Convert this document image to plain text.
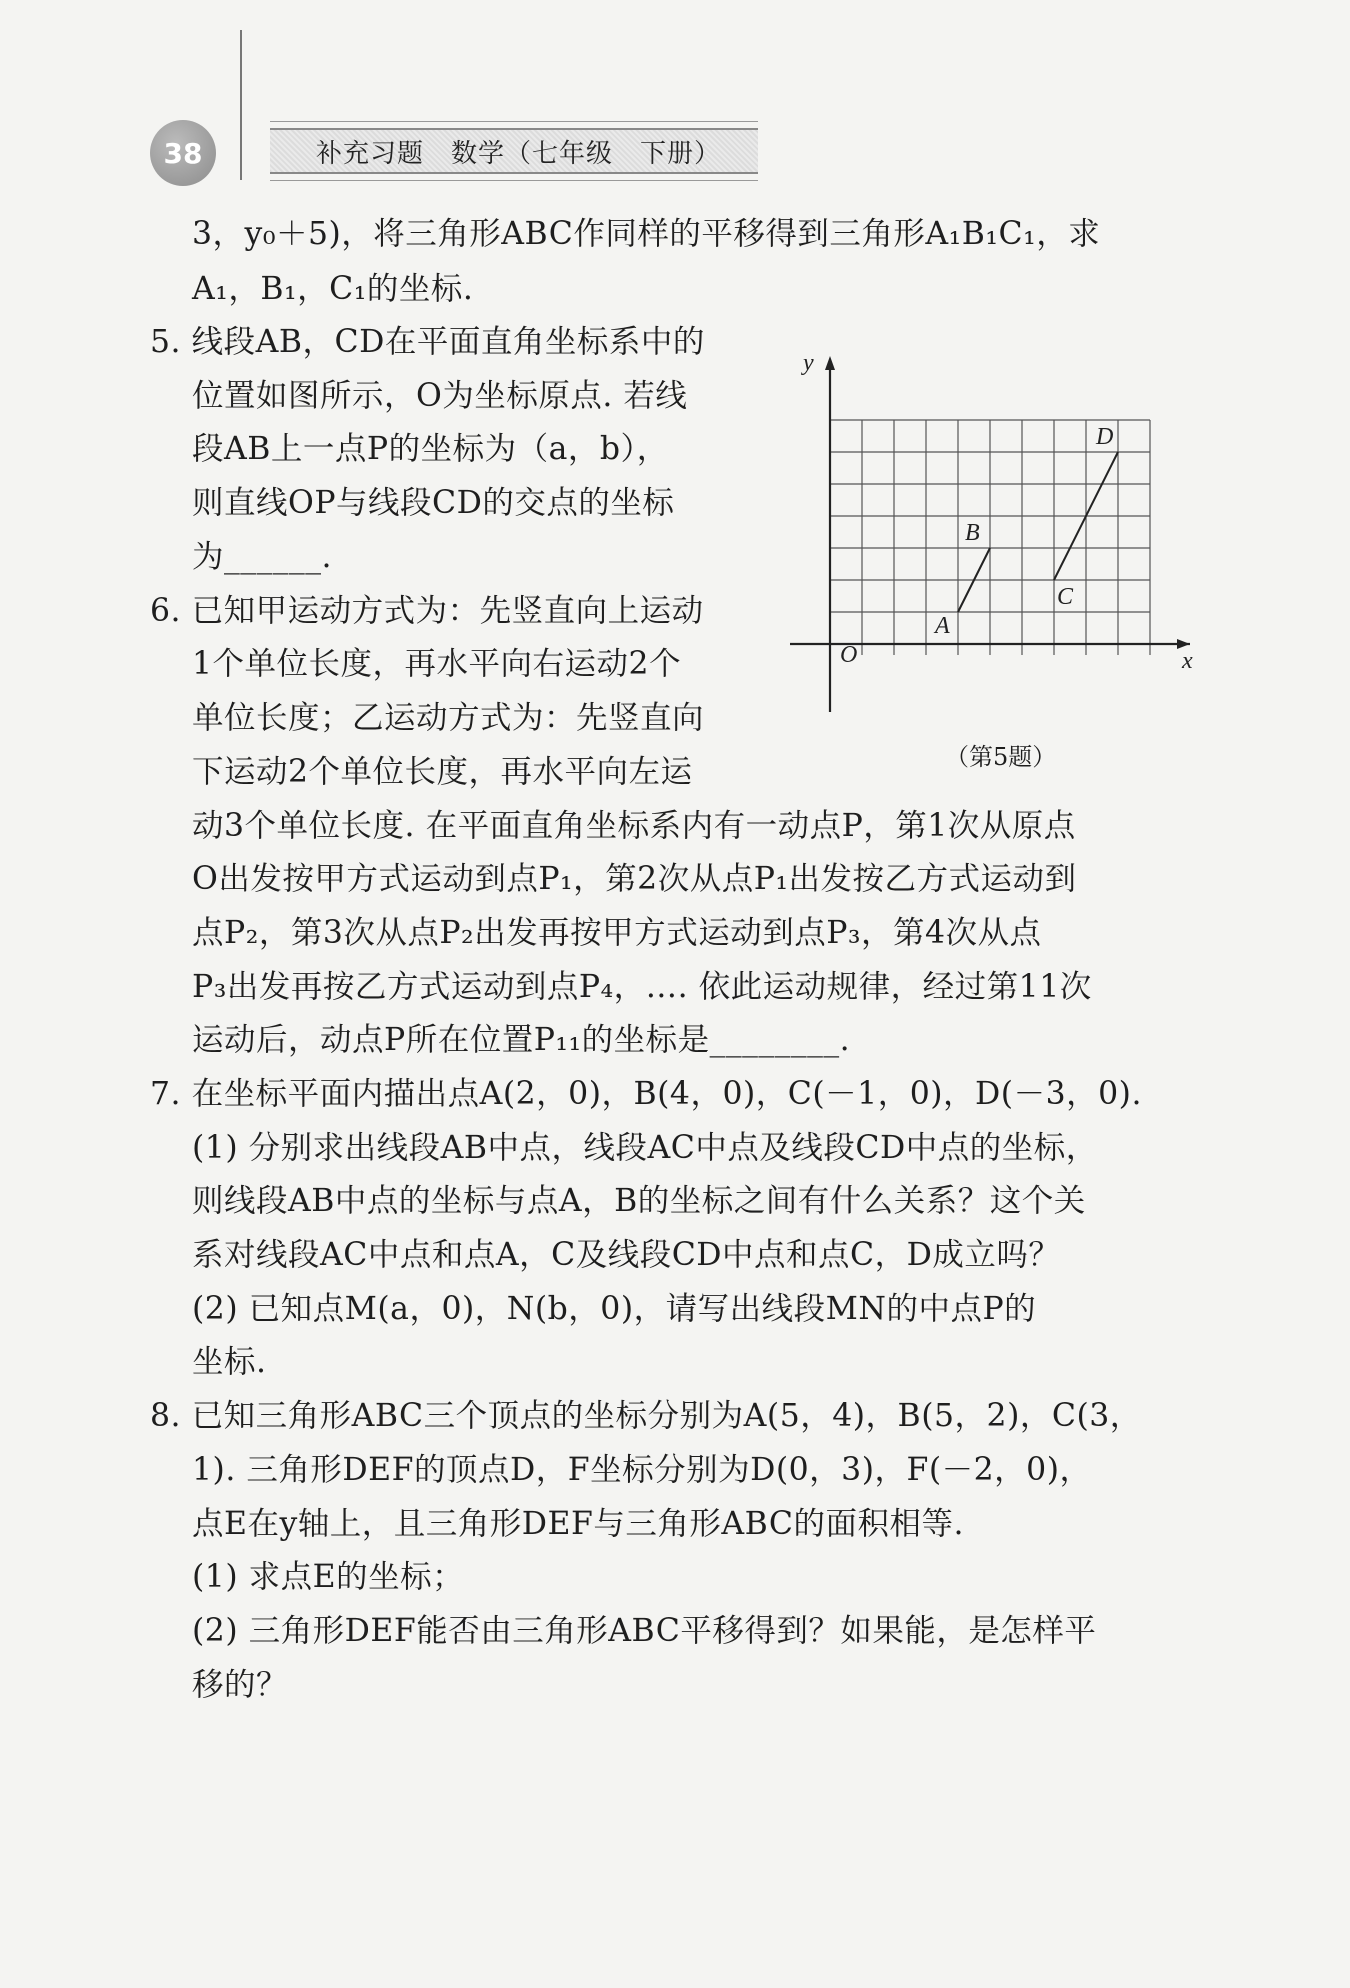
38	补充习题　数学（七年级　下册）
3，y₀＋5)，将三角形ABC作同样的平移得到三角形A₁B₁C₁，求
A₁，B₁，C₁的坐标.
5. 线段AB，CD在平面直角坐标系中的
位置如图所示，O为坐标原点. 若线
段AB上一点P的坐标为（a，b），
则直线OP与线段CD的交点的坐标
为______.
6. 已知甲运动方式为：先竖直向上运动
1个单位长度，再水平向右运动2个
单位长度；乙运动方式为：先竖直向
下运动2个单位长度，再水平向左运
动3个单位长度. 在平面直角坐标系内有一动点P，第1次从原点
O出发按甲方式运动到点P₁，第2次从点P₁出发按乙方式运动到
点P₂，第3次从点P₂出发再按甲方式运动到点P₃，第4次从点
P₃出发再按乙方式运动到点P₄，…. 依此运动规律，经过第11次
运动后，动点P所在位置P₁₁的坐标是________.
7. 在坐标平面内描出点A(2，0)，B(4，0)，C(－1，0)，D(－3，0).
(1) 分别求出线段AB中点，线段AC中点及线段CD中点的坐标，
则线段AB中点的坐标与点A，B的坐标之间有什么关系？这个关
系对线段AC中点和点A，C及线段CD中点和点C，D成立吗？
(2) 已知点M(a，0)，N(b，0)，请写出线段MN的中点P的
坐标.
8. 已知三角形ABC三个顶点的坐标分别为A(5，4)，B(5，2)，C(3，
1). 三角形DEF的顶点D，F坐标分别为D(0，3)，F(－2，0)，
点E在y轴上，且三角形DEF与三角形ABC的面积相等.
(1) 求点E的坐标；
(2) 三角形DEF能否由三角形ABC平移得到？如果能，是怎样平
移的？
O	x
y
A
B
C
D
（第5题）
